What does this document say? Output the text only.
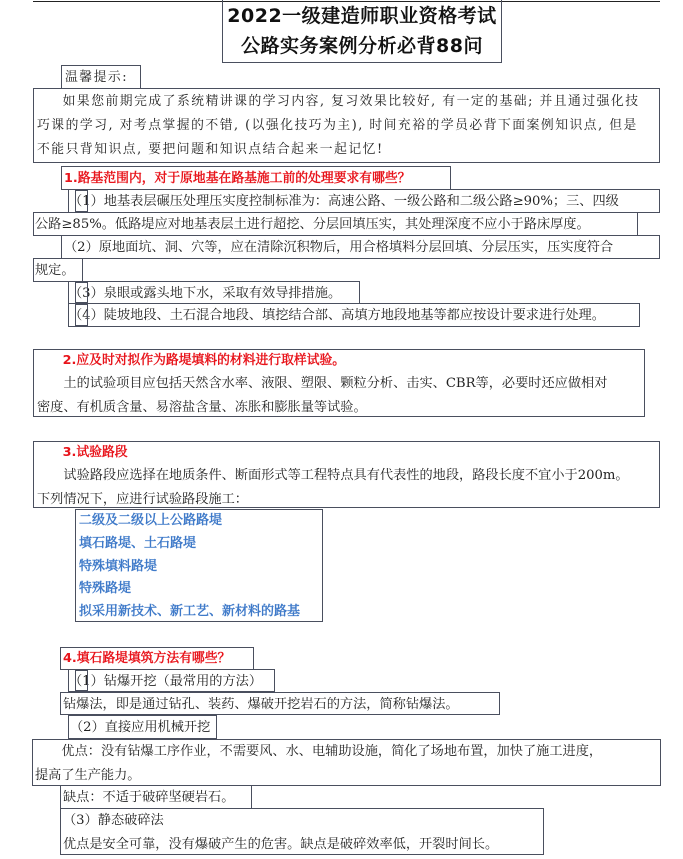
2022一级建造师职业资格考试
公路实务案例分析必背88问
温馨提示:
如果您前期完成了系统精讲课的学习内容, 复习效果比较好, 有一定的基础; 并且通过强化技
巧课的学习, 对考点掌握的不错, (以强化技巧为主), 时间充裕的学员必背下面案例知识点, 但是
不能只背知识点, 要把问题和知识点结合起来一起记忆!
1.路基范围内，对于原地基在路基施工前的处理要求有哪些？
（1）地基表层碾压处理压实度控制标准为：高速公路、一级公路和二级公路≥90%；三、四级
公路≥85%。低路堤应对地基表层土进行超挖、分层回填压实，其处理深度不应小于路床厚度。
（2）原地面坑、洞、穴等，应在清除沉积物后，用合格填料分层回填、分层压实，压实度符合
规定。
（3）泉眼或露头地下水，采取有效导排措施。
（4）陡坡地段、土石混合地段、填挖结合部、高填方地段地基等都应按设计要求进行处理。
2.应及时对拟作为路堤填料的材料进行取样试验。
土的试验项目应包括天然含水率、液限、塑限、颗粒分析、击实、CBR等，必要时还应做相对
密度、有机质含量、易溶盐含量、冻胀和膨胀量等试验。
3.试验路段
试验路段应选择在地质条件、断面形式等工程特点具有代表性的地段，路段长度不宜小于200m。
下列情况下，应进行试验路段施工：
二级及二级以上公路路堤
填石路堤、土石路堤
特殊填料路堤
特殊路堤
拟采用新技术、新工艺、新材料的路基
4.填石路堤填筑方法有哪些？
（1）钻爆开挖（最常用的方法）
钻爆法，即是通过钻孔、装药、爆破开挖岩石的方法，简称钻爆法。
（2）直接应用机械开挖
优点：没有钻爆工序作业，不需要风、水、电辅助设施，简化了场地布置，加快了施工进度，
提高了生产能力。
缺点：不适于破碎坚硬岩石。
（3）静态破碎法
优点是安全可靠，没有爆破产生的危害。缺点是破碎效率低，开裂时间长。
